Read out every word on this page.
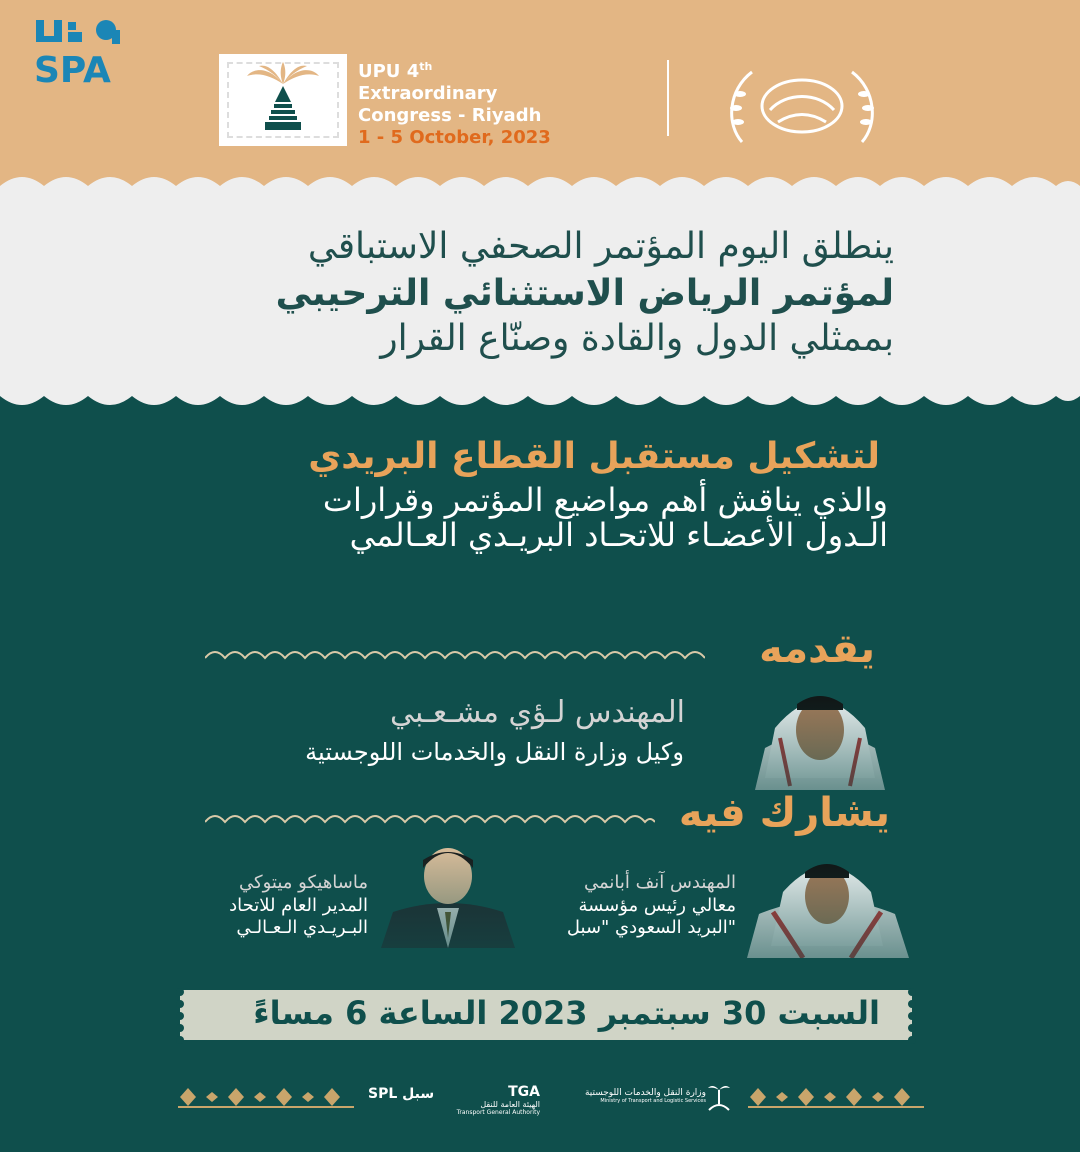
SPA	UPU 4th
Extraordinary
Congress - Riyadh
1 - 5 October, 2023
ينطلق اليوم المؤتمر الصحفي الاستباقي
لمؤتمر الرياض الاستثنائي الترحيبي
بممثلي الدول والقادة وصنّاع القرار
لتشكيل مستقبل القطاع البريدي
والذي يناقش أهم مواضيع المؤتمر وقرارات
الـدول الأعضـاء للاتحـاد البريـدي العـالمي
يقدمه
المهندس لـؤي مشـعـبي
وكيل وزارة النقل والخدمات اللوجستية
يشارك فيه
المهندس آنف أبانمي
معالي رئيس مؤسسة
"البريد السعودي "سبل
ماساهيكو ميتوكي
المدير العام للاتحاد
البـريـدي الـعـالـي
السبت 30 سبتمبر 2023 الساعة 6 مساءً
SPL سبل	TGA
الهيئة العامة للنقل
Transport General Authority
وزارة النقل والخدمات اللوجستية
Ministry of Transport and Logistic Services
